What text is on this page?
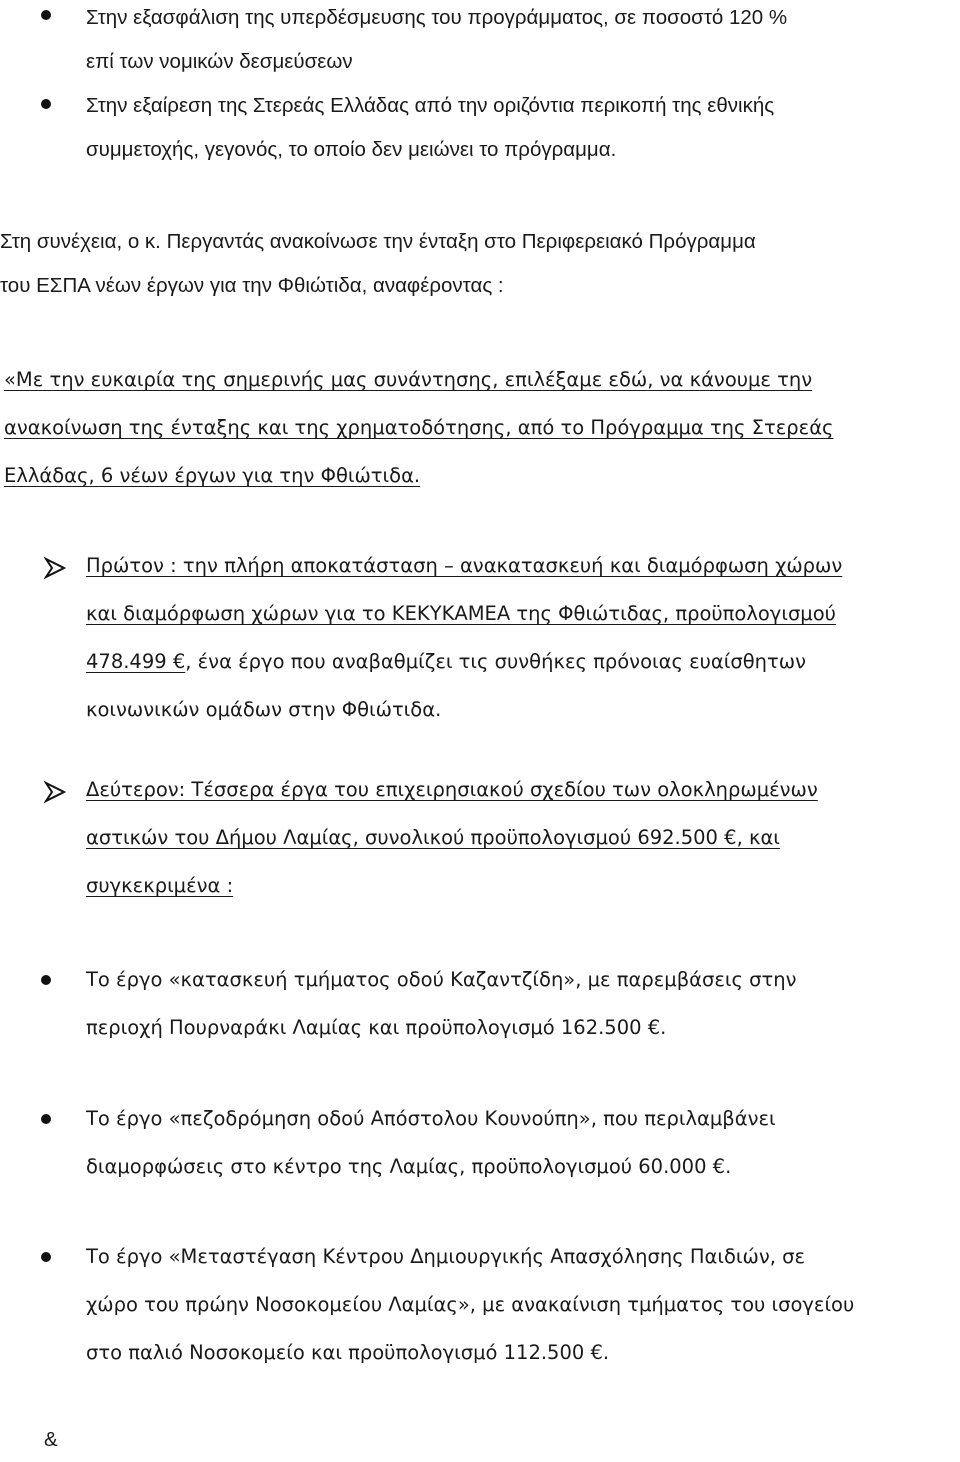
Στην εξασφάλιση της υπερδέσμευσης του προγράμματος, σε ποσοστό 120 %
επί των νομικών δεσμεύσεων
Στην εξαίρεση της Στερεάς Ελλάδας από την οριζόντια περικοπή της εθνικής
συμμετοχής, γεγονός, το οποίο δεν μειώνει το πρόγραμμα.
Στη συνέχεια, ο κ. Περγαντάς ανακοίνωσε την ένταξη στο Περιφερειακό Πρόγραμμα
του ΕΣΠΑ νέων έργων για την Φθιώτιδα, αναφέροντας :
«Με την ευκαιρία της σημερινής μας συνάντησης, επιλέξαμε εδώ, να κάνουμε την
ανακοίνωση της ένταξης και της χρηματοδότησης, από το Πρόγραμμα της Στερεάς
Ελλάδας, 6 νέων έργων για την Φθιώτιδα.
Πρώτον : την πλήρη αποκατάσταση – ανακατασκευή και διαμόρφωση χώρων
και διαμόρφωση χώρων για το ΚΕΚΥΚΑΜΕΑ της Φθιώτιδας, προϋπολογισμού
478.499 €, ένα έργο που αναβαθμίζει τις συνθήκες πρόνοιας ευαίσθητων
κοινωνικών ομάδων στην Φθιώτιδα.
Δεύτερον: Τέσσερα έργα του επιχειρησιακού σχεδίου των ολοκληρωμένων
αστικών του Δήμου Λαμίας, συνολικού προϋπολογισμού 692.500 €, και
συγκεκριμένα :
Το έργο «κατασκευή τμήματος οδού Καζαντζίδη», με παρεμβάσεις στην
περιοχή Πουρναράκι Λαμίας και προϋπολογισμό 162.500 €.
Το έργο «πεζοδρόμηση οδού Απόστολου Κουνούπη», που περιλαμβάνει
διαμορφώσεις στο κέντρο της Λαμίας, προϋπολογισμού 60.000 €.
Το έργο «Μεταστέγαση Κέντρου Δημιουργικής Απασχόλησης Παιδιών, σε
χώρο του πρώην Νοσοκομείου Λαμίας», με ανακαίνιση τμήματος του ισογείου
στο παλιό Νοσοκομείο και προϋπολογισμό 112.500 €.
&
